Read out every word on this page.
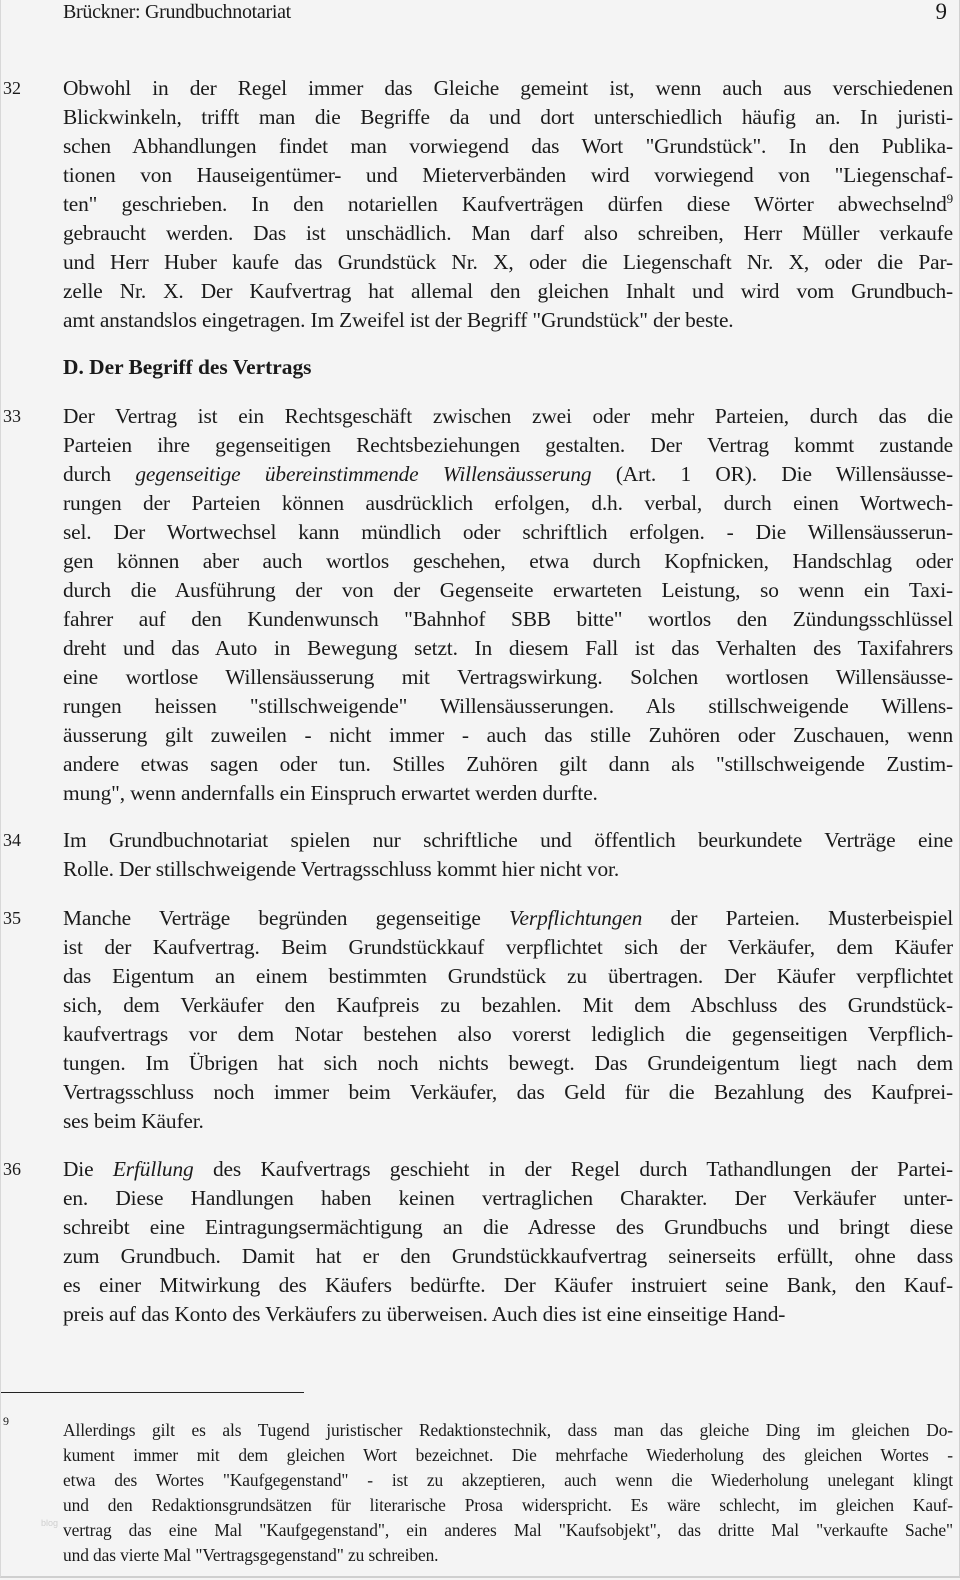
Brückner: Grundbuchnotariat	9
32 Obwohl in der Regel immer das Gleiche gemeint ist, wenn auch aus verschiedenen
Blickwinkeln, trifft man die Begriffe da und dort unterschiedlich häufig an. In juristi-
schen Abhandlungen findet man vorwiegend das Wort "Grundstück". In den Publika-
tionen von Hauseigentümer- und Mieterverbänden wird vorwiegend von "Liegenschaf-
ten" geschrieben. In den notariellen Kaufverträgen dürfen diese Wörter abwechselnd$^9$
gebraucht werden. Das ist unschädlich. Man darf also schreiben, Herr Müller verkaufe
und Herr Huber kaufe das Grundstück Nr. X, oder die Liegenschaft Nr. X, oder die Par-
zelle Nr. X. Der Kaufvertrag hat allemal den gleichen Inhalt und wird vom Grundbuch-
amt anstandslos eingetragen. Im Zweifel ist der Begriff "Grundstück" der beste.
D. Der Begriff des Vertrags
33 Der Vertrag ist ein Rechtsgeschäft zwischen zwei oder mehr Parteien, durch das die
Parteien ihre gegenseitigen Rechtsbeziehungen gestalten. Der Vertrag kommt zustande
durch gegenseitige übereinstimmende Willensäusserung (Art. 1 OR). Die Willensäusse-
rungen der Parteien können ausdrücklich erfolgen, d.h. verbal, durch einen Wortwech-
sel. Der Wortwechsel kann mündlich oder schriftlich erfolgen. - Die Willensäusserun-
gen können aber auch wortlos geschehen, etwa durch Kopfnicken, Handschlag oder
durch die Ausführung der von der Gegenseite erwarteten Leistung, so wenn ein Taxi-
fahrer auf den Kundenwunsch "Bahnhof SBB bitte" wortlos den Zündungsschlüssel
dreht und das Auto in Bewegung setzt. In diesem Fall ist das Verhalten des Taxifahrers
eine wortlose Willensäusserung mit Vertragswirkung. Solchen wortlosen Willensäusse-
rungen heissen "stillschweigende" Willensäusserungen. Als stillschweigende Willens-
äusserung gilt zuweilen - nicht immer - auch das stille Zuhören oder Zuschauen, wenn
andere etwas sagen oder tun. Stilles Zuhören gilt dann als "stillschweigende Zustim-
mung", wenn andernfalls ein Einspruch erwartet werden durfte.
34 Im Grundbuchnotariat spielen nur schriftliche und öffentlich beurkundete Verträge eine
Rolle. Der stillschweigende Vertragsschluss kommt hier nicht vor.
35 Manche Verträge begründen gegenseitige Verpflichtungen der Parteien. Musterbeispiel
ist der Kaufvertrag. Beim Grundstückkauf verpflichtet sich der Verkäufer, dem Käufer
das Eigentum an einem bestimmten Grundstück zu übertragen. Der Käufer verpflichtet
sich, dem Verkäufer den Kaufpreis zu bezahlen. Mit dem Abschluss des Grundstück-
kaufvertrags vor dem Notar bestehen also vorerst lediglich die gegenseitigen Verpflich-
tungen. Im Übrigen hat sich noch nichts bewegt. Das Grundeigentum liegt nach dem
Vertragsschluss noch immer beim Verkäufer, das Geld für die Bezahlung des Kaufprei-
ses beim Käufer.
36 Die Erfüllung des Kaufvertrags geschieht in der Regel durch Tathandlungen der Partei-
en. Diese Handlungen haben keinen vertraglichen Charakter. Der Verkäufer unter-
schreibt eine Eintragungsermächtigung an die Adresse des Grundbuchs und bringt diese
zum Grundbuch. Damit hat er den Grundstückkaufvertrag seinerseits erfüllt, ohne dass
es einer Mitwirkung des Käufers bedürfte. Der Käufer instruiert seine Bank, den Kauf-
preis auf das Konto des Verkäufers zu überweisen. Auch dies ist eine einseitige Hand-
9	Allerdings gilt es als Tugend juristischer Redaktionstechnik, dass man das gleiche Ding im gleichen Do-
kument immer mit dem gleichen Wort bezeichnet. Die mehrfache Wiederholung des gleichen Wortes -
etwa des Wortes "Kaufgegenstand" - ist zu akzeptieren, auch wenn die Wiederholung unelegant klingt
und den Redaktionsgrundsätzen für literarische Prosa widerspricht. Es wäre schlecht, im gleichen Kauf-
vertrag das eine Mal "Kaufgegenstand", ein anderes Mal "Kaufsobjekt", das dritte Mal "verkaufte Sache"
und das vierte Mal "Vertragsgegenstand" zu schreiben.
blog
